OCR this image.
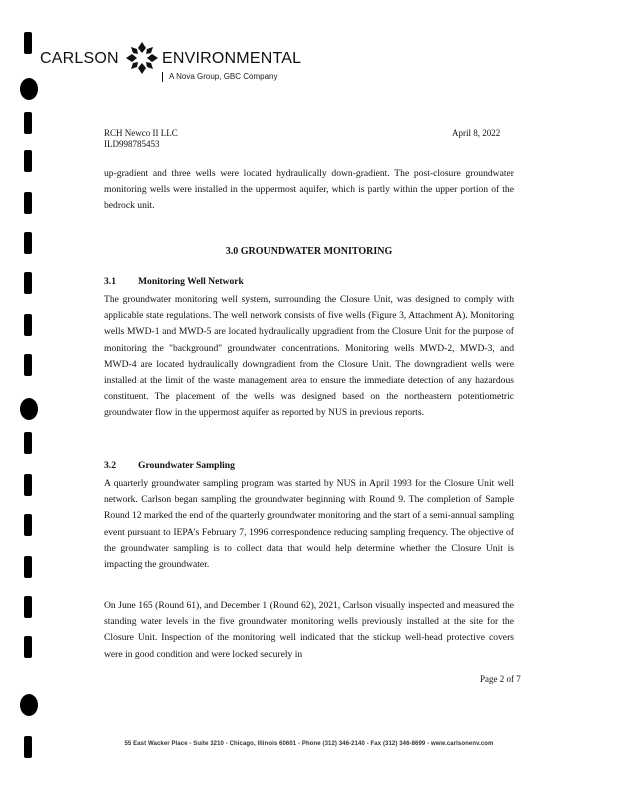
CARLSON	ENVIRONMENTAL
A Nova Group, GBC Company
RCH Newco II LLC
ILD998785453
April 8, 2022
up-gradient and three wells were located hydraulically down-gradient. The post-closure groundwater monitoring wells were installed in the uppermost aquifer, which is partly within the upper portion of the bedrock unit.
3.0 GROUNDWATER MONITORING
3.1 Monitoring Well Network
The groundwater monitoring well system, surrounding the Closure Unit, was designed to comply with applicable state regulations. The well network consists of five wells (Figure 3, Attachment A). Monitoring wells MWD-1 and MWD-5 are located hydraulically upgradient from the Closure Unit for the purpose of monitoring the "background" groundwater concentrations. Monitoring wells MWD-2, MWD-3, and MWD-4 are located hydraulically downgradient from the Closure Unit. The downgradient wells were installed at the limit of the waste management area to ensure the immediate detection of any hazardous constituent. The placement of the wells was designed based on the northeastern potentiometric groundwater flow in the uppermost aquifer as reported by NUS in previous reports.
3.2 Groundwater Sampling
A quarterly groundwater sampling program was started by NUS in April 1993 for the Closure Unit well network. Carlson began sampling the groundwater beginning with Round 9. The completion of Sample Round 12 marked the end of the quarterly groundwater monitoring and the start of a semi-annual sampling event pursuant to IEPA's February 7, 1996 correspondence reducing sampling frequency. The objective of the groundwater sampling is to collect data that would help determine whether the Closure Unit is impacting the groundwater.
On June 165 (Round 61), and December 1 (Round 62), 2021, Carlson visually inspected and measured the standing water levels in the five groundwater monitoring wells previously installed at the site for the Closure Unit. Inspection of the monitoring well indicated that the stickup well-head protective covers were in good condition and were locked securely in
Page 2 of 7
55 East Wacker Place - Suite 3210 - Chicago, Illinois 60601 - Phone (312) 346-2140 - Fax (312) 346-8699 - www.carlsonenv.com
